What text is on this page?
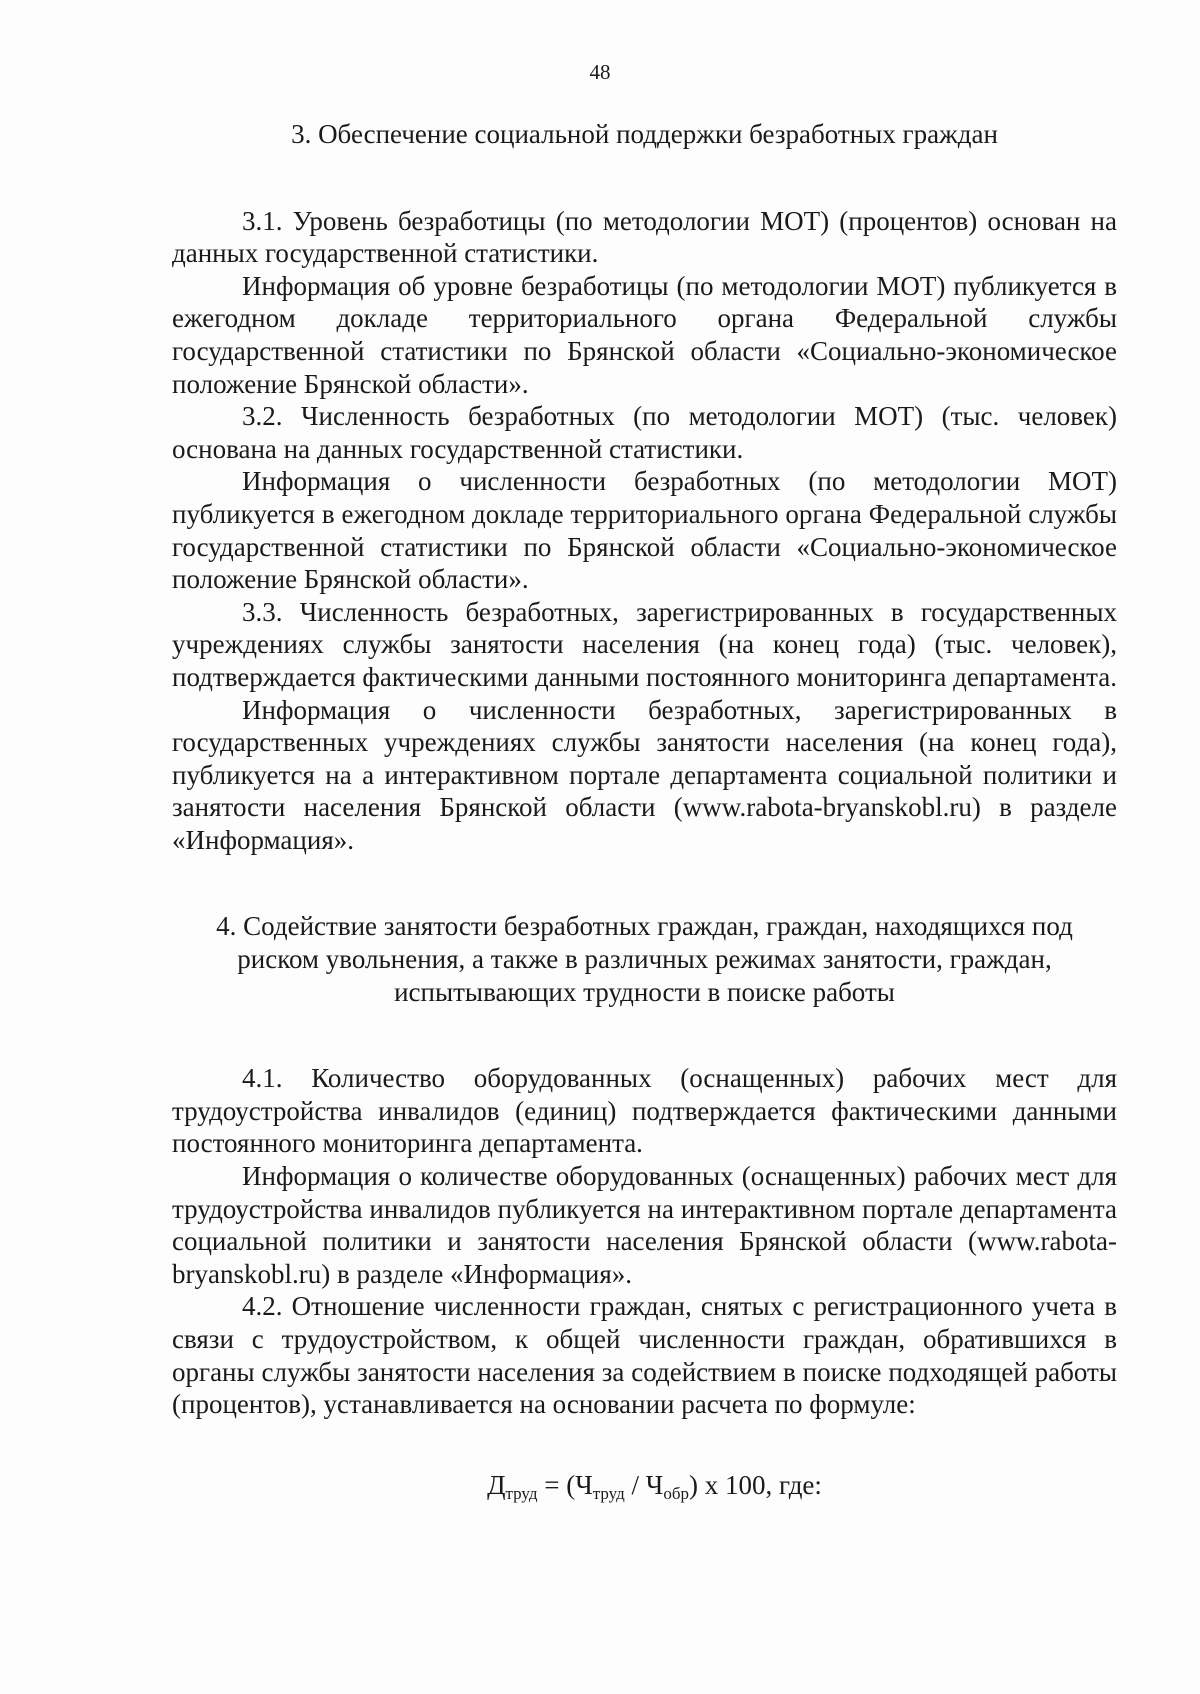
48

3. Обеспечение социальной поддержки безработных граждан

3.1. Уровень безработицы (по методологии МОТ) (процентов) основан на данных государственной статистики.

Информация об уровне безработицы (по методологии МОТ) публикуется в ежегодном докладе территориального органа Федеральной службы государственной статистики по Брянской области «Социально-экономическое положение Брянской области».

3.2. Численность безработных (по методологии МОТ) (тыс. человек) основана на данных государственной статистики.

Информация о численности безработных (по методологии МОТ) публикуется в ежегодном докладе территориального органа Федеральной службы государственной статистики по Брянской области «Социально-экономическое положение Брянской области».

3.3. Численность безработных, зарегистрированных в государственных учреждениях службы занятости населения (на конец года) (тыс. человек), подтверждается фактическими данными постоянного мониторинга департамента.

Информация о численности безработных, зарегистрированных в государственных учреждениях службы занятости населения (на конец года), публикуется на а интерактивном портале департамента социальной политики и занятости населения Брянской области (www.rabota-bryanskobl.ru) в разделе «Информация».

4. Содействие занятости безработных граждан, граждан, находящихся под риском увольнения, а также в различных режимах занятости, граждан, испытывающих трудности в поиске работы

4.1. Количество оборудованных (оснащенных) рабочих мест для трудоустройства инвалидов (единиц) подтверждается фактическими данными постоянного мониторинга департамента.

Информация о количестве оборудованных (оснащенных) рабочих мест для трудоустройства инвалидов публикуется на интерактивном портале департамента социальной политики и занятости населения Брянской области (www.rabota-bryanskobl.ru) в разделе «Информация».

4.2. Отношение численности граждан, снятых с регистрационного учета в связи с трудоустройством, к общей численности граждан, обратившихся в органы службы занятости населения за содействием в поиске подходящей работы (процентов), устанавливается на основании расчета по формуле:

$Д_{труд} = (Ч_{труд} / Ч_{обр})$ x 100, где:
